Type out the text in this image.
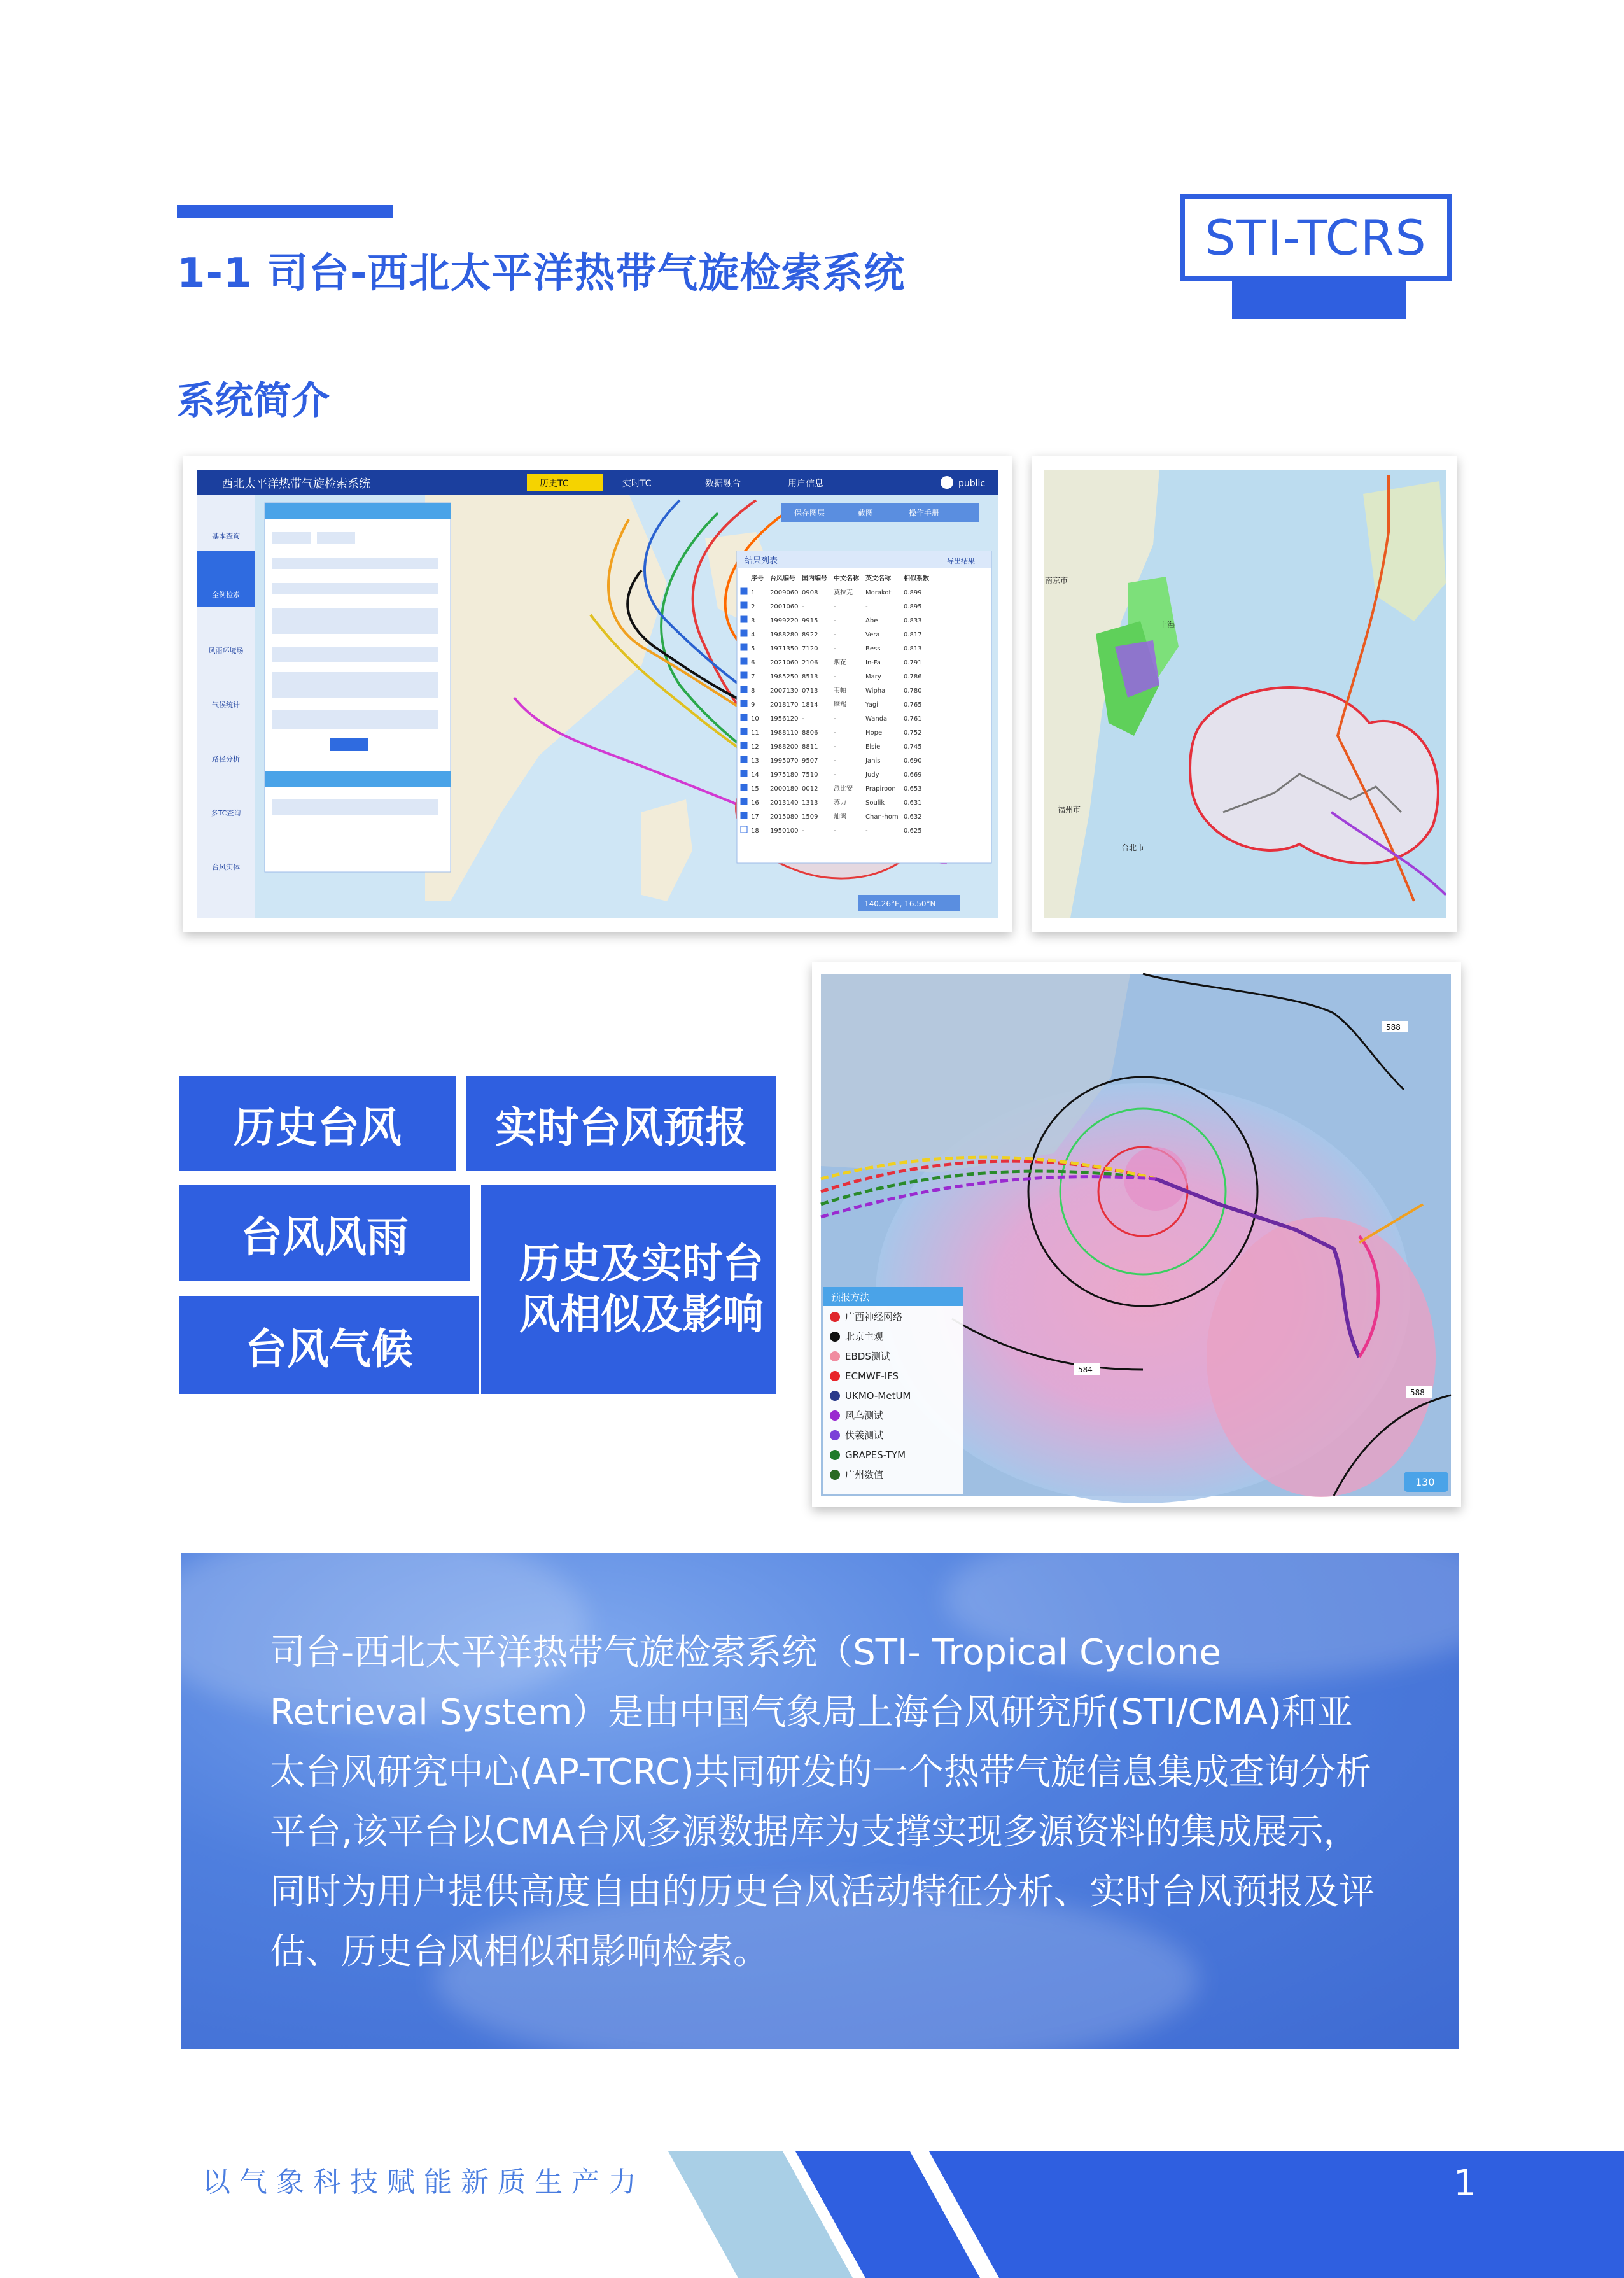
1-1 司台-西北太平洋热带气旋检索系统
STI-TCRS
系统简介
西北太平洋热带气旋检索系统	历史TC	实时TC	数据融合	用户信息	public
基本查询
全例检索
风雨环境场
气候统计
路径分析
多TC查询
台风实体
保存图层	截图	操作手册
结果列表	导出结果
序号 台风编号 国内编号 中文名称 英文名称 相似系数
1 2009060 0908 莫拉克 Morakot 0.899
2 2001060 -	-	-	0.895
3 1999220 9915 -	Abe	0.833
4 1988280 8922 -	Vera	0.817
5 1971350 7120 -	Bess	0.813
6 2021060 2106 烟花	In-Fa	0.791
7 1985250 8513 -	Mary	0.786
8 2007130 0713 韦帕	Wipha	0.780
9 2018170 1814 摩羯	Yagi	0.765
10 1956120 -	-	Wanda	0.761
11 1988110 8806 -	Hope	0.752
12 1988200 8811 -	Elsie	0.745
13 1995070 9507 -	Janis	0.690
14 1975180 7510 -	Judy	0.669
15 2000180 0012 派比安 Prapiroon 0.653
16 2013140 1313 苏力	Soulik	0.631
17 2015080 1509 灿鸿	Chan-hom 0.632
18 1950100 -	-	-	0.625
140.26°E, 16.50°N
南京市
上海
福州市
台北市
588
584
588
预报方法
广西神经网络
北京主观
EBDS测试
ECMWF-IFS
UKMO-MetUM
风乌测试
伏羲测试
GRAPES-TYM
广州数值
130
历史台风	实时台风预报
台风风雨
历史及实时台风相似及影响
台风气候
司台-西北太平洋热带气旋检索系统（STI- Tropical Cyclone Retrieval System）是由中国气象局上海台风研究所(STI/CMA)和亚太台风研究中心(AP-TCRC)共同研发的一个热带气旋信息集成查询分析平台,该平台以CMA台风多源数据库为支撑实现多源资料的集成展示，同时为用户提供高度自由的历史台风活动特征分析、实时台风预报及评估、历史台风相似和影响检索。
以气象科技赋能新质生产力	1
